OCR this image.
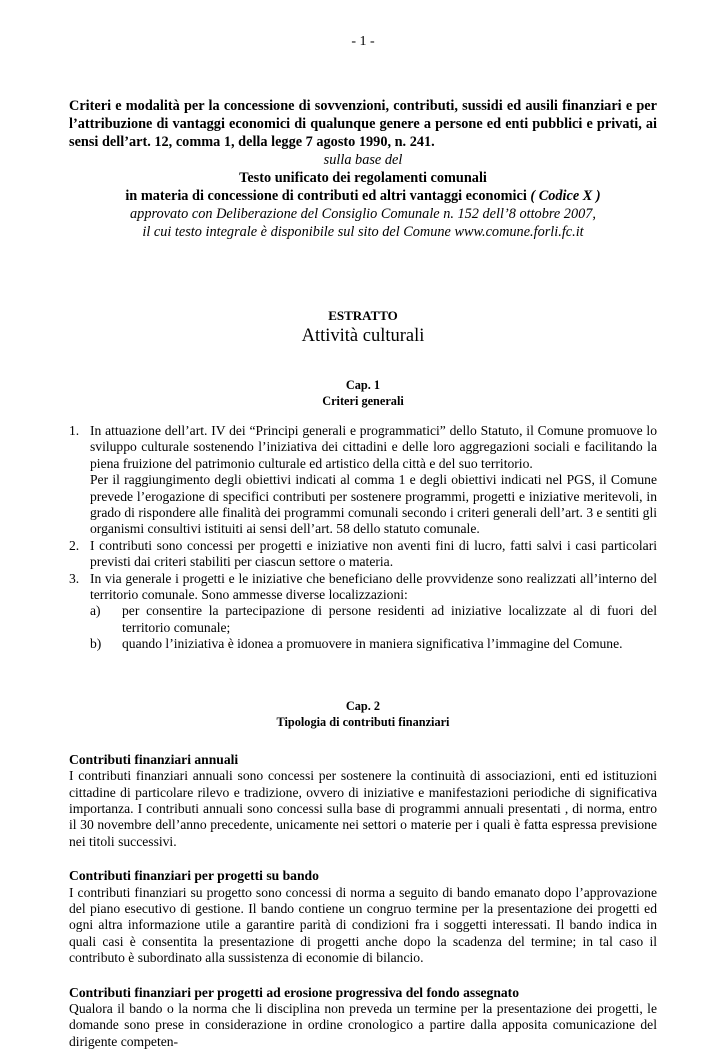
- 1 -

Criteri e modalità per la concessione di sovvenzioni, contributi, sussidi ed ausili finanziari e per l’attribuzione di vantaggi economici di qualunque genere a persone ed enti pubblici e privati, ai sensi dell’art. 12, comma 1, della legge 7 agosto 1990, n. 241.

sulla base del

Testo unificato dei regolamenti comunali

in materia di concessione di contributi ed altri vantaggi economici ( Codice X )

approvato con Deliberazione del Consiglio Comunale n. 152 dell’8 ottobre 2007,

il cui testo integrale è disponibile sul sito del Comune www.comune.forli.fc.it

ESTRATTO

Attività culturali

Cap. 1

Criteri generali

1. In attuazione dell’art. IV dei “Principi generali e programmatici” dello Statuto, il Comune promuove lo sviluppo culturale sostenendo l’iniziativa dei cittadini e delle loro aggregazioni sociali e facilitando la piena fruizione del patrimonio culturale ed artistico della città e del suo territorio.

Per il raggiungimento degli obiettivi indicati al comma 1 e degli obiettivi indicati nel PGS, il Comune prevede l’erogazione di specifici contributi per sostenere programmi, progetti e iniziative meritevoli, in grado di rispondere alle finalità dei programmi comunali secondo i criteri generali dell’art. 3 e sentiti gli organismi consultivi istituiti ai sensi dell’art. 58 dello statuto comunale.

2. I contributi sono concessi per progetti e iniziative non aventi fini di lucro, fatti salvi i casi particolari previsti dai criteri stabiliti per ciascun settore o materia.

3. In via generale i progetti e le iniziative che beneficiano delle provvidenze sono realizzati all’interno del territorio comunale. Sono ammesse diverse localizzazioni:

a) per consentire la partecipazione di persone residenti ad iniziative localizzate al di fuori del territorio comunale;
b) quando l’iniziativa è idonea a promuovere in maniera significativa l’immagine del Comune.

Cap. 2

Tipologia di contributi finanziari

Contributi finanziari annuali

I contributi finanziari annuali sono concessi per sostenere la continuità di associazioni, enti ed istituzioni cittadine di particolare rilevo e tradizione, ovvero di iniziative e manifestazioni periodiche di significativa importanza. I contributi annuali sono concessi sulla base di programmi annuali presentati , di norma, entro il 30 novembre dell’anno precedente, unicamente nei settori o materie per i quali è fatta espressa previsione nei titoli successivi.

Contributi finanziari per progetti su bando

I contributi finanziari su progetto sono concessi di norma a seguito di bando emanato dopo l’approvazione del piano esecutivo di gestione. Il bando contiene un congruo termine per la presentazione dei progetti ed ogni altra informazione utile a garantire parità di condizioni fra i soggetti interessati. Il bando indica in quali casi è consentita la presentazione di progetti anche dopo la scadenza del termine; in tal caso il contributo è subordinato alla sussistenza di economie di bilancio.

Contributi finanziari per progetti ad erosione progressiva del fondo assegnato

Qualora il bando o la norma che li disciplina non preveda un termine per la presentazione dei progetti, le domande sono prese in considerazione in ordine cronologico a partire dalla apposita comunicazione del dirigente competen-
